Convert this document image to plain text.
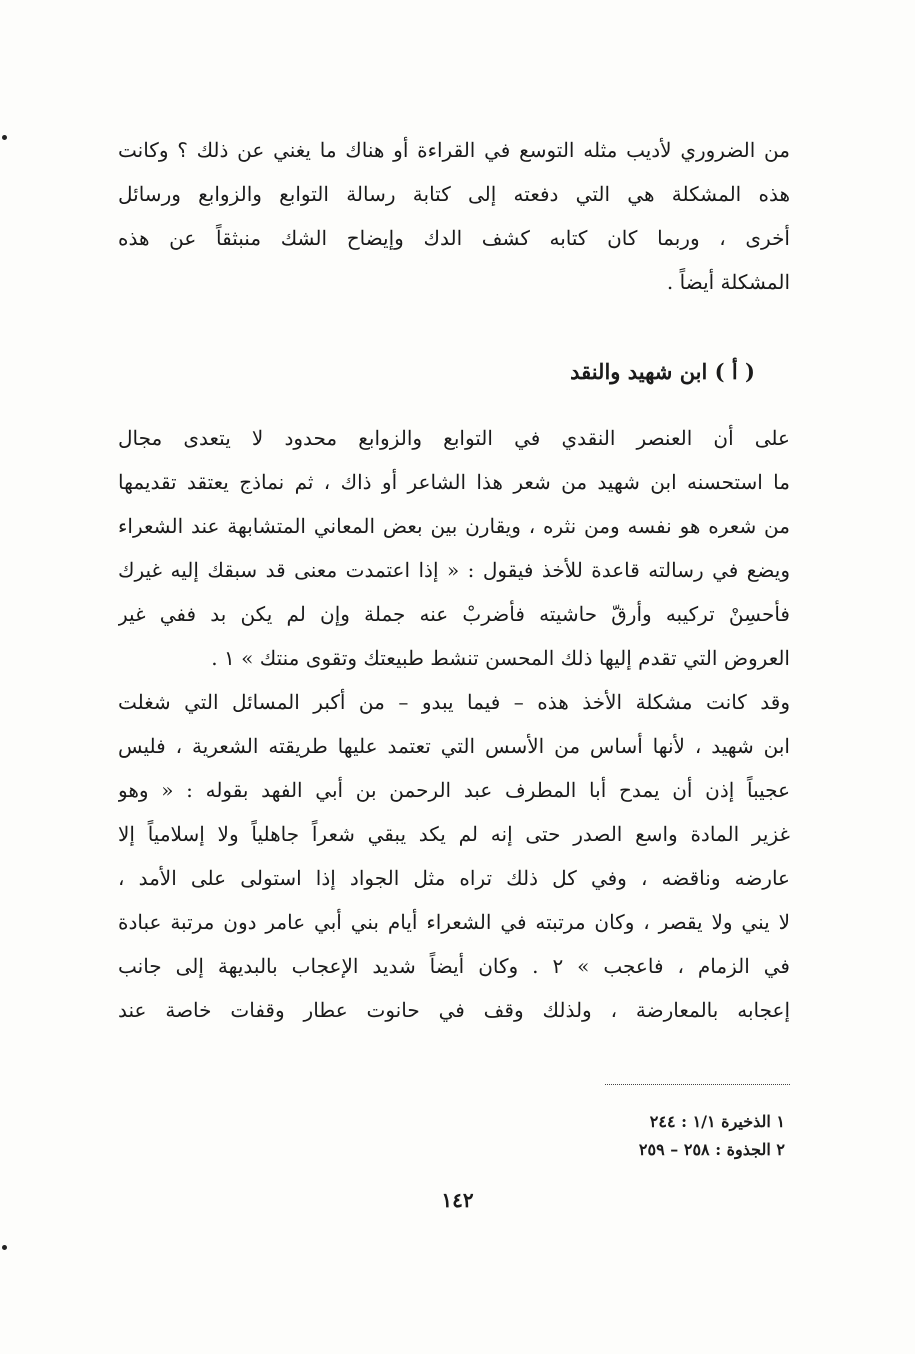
من الضروري لأديب مثله التوسع في القراءة أو هناك ما يغني عن ذلك ؟ وكانت
هذه المشكلة هي التي دفعته إلى كتابة رسالة التوابع والزوابع ورسائل
أخرى ، وربما كان كتابه كشف الدك وإيضاح الشك منبثقاً عن هذه
المشكلة أيضاً .
( أ ) ابن شهيد والنقد
على أن العنصر النقدي في التوابع والزوابع محدود لا يتعدى مجال
ما استحسنه ابن شهيد من شعر هذا الشاعر أو ذاك ، ثم نماذج يعتقد تقديمها
من شعره هو نفسه ومن نثره ، ويقارن بين بعض المعاني المتشابهة عند الشعراء
ويضع في رسالته قاعدة للأخذ فيقول : « إذا اعتمدت معنى قد سبقك إليه غيرك
فأحسِنْ تركيبه وأرقّ حاشيته فأضربْ عنه جملة وإن لم يكن بد ففي غير
العروض التي تقدم إليها ذلك المحسن تنشط طبيعتك وتقوى منتك » ١ .
وقد كانت مشكلة الأخذ هذه – فيما يبدو – من أكبر المسائل التي شغلت
ابن شهيد ، لأنها أساس من الأسس التي تعتمد عليها طريقته الشعرية ، فليس
عجيباً إذن أن يمدح أبا المطرف عبد الرحمن بن أبي الفهد بقوله : « وهو
غزير المادة واسع الصدر حتى إنه لم يكد يبقي شعراً جاهلياً ولا إسلامياً إلا
عارضه وناقضه ، وفي كل ذلك تراه مثل الجواد إذا استولى على الأمد ،
لا يني ولا يقصر ، وكان مرتبته في الشعراء أيام بني أبي عامر دون مرتبة عبادة
في الزمام ، فاعجب » ٢ . وكان أيضاً شديد الإعجاب بالبديهة إلى جانب
إعجابه بالمعارضة ، ولذلك وقف في حانوت عطار وقفات خاصة عند
١ الذخيرة ١/١ : ٢٤٤
٢ الجذوة : ٢٥٨ – ٢٥٩
١٤٢
